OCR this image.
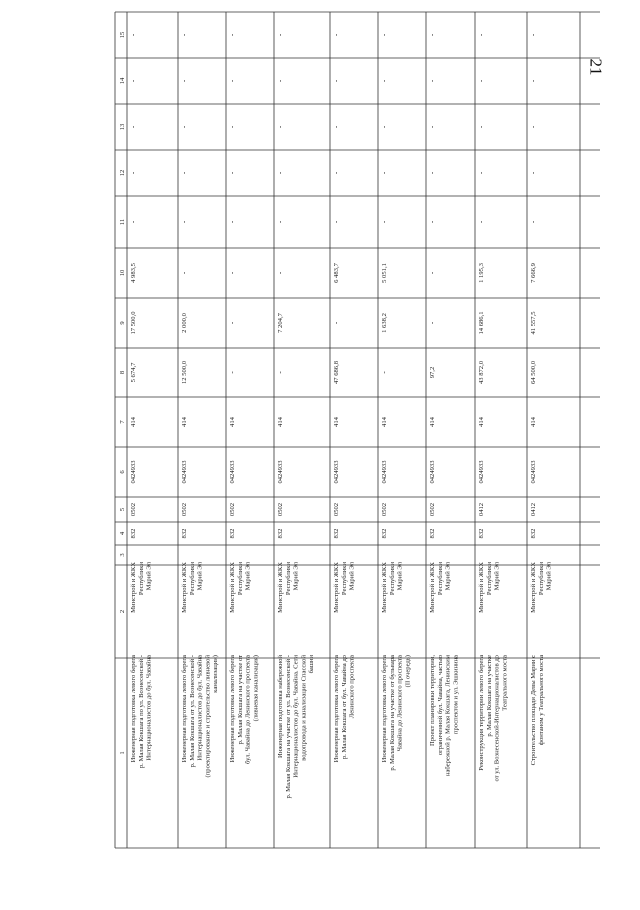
21
1
2
3
4
5
6
7
8
9
10
11
12
13
14
15
Инженерная подготовка левого берега р. Малая Кокшага по ул. Вознесенской - Интернационалистов до бул. Чавайна
Минстрой и ЖКХ Республики Марий Эл
832
0502
0424933
414
5 674,7
17 500,0
4 983,5
-
-
-
-
-
Инженерная подготовка левого берега р. Малая Кокшага от ул. Вознесенской - Интернационалистов до бул. Чавайна (проектирование и строительство ливневой канализации)
Минстрой и ЖКХ Республики Марий Эл
832
0502
0424933
414
12 500,0
2 000,0
-
-
-
-
-
-
Инженерная подготовка левого берега р. Малая Кокшага на участке от бул. Чавайна до Ленинского проспекта (ливневая канализация)
Минстрой и ЖКХ Республики Марий Эл
832
0502
0424933
414
-
-
-
-
-
-
-
-
Инженерная подготовка набережной р. Малая Кокшага на участке от ул. Вознесенской - Интернационалистов до бул. Чавайна. Сети водопровода и канализации Спасской башни
Минстрой и ЖКХ Республики Марий Эл
832
0502
0424933
414
-
7 204,7
-
-
-
-
-
-
Инженерная подготовка левого берега р. Малая Кокшага от бул. Чавайна до Ленинского проспекта
Минстрой и ЖКХ Республики Марий Эл
832
0502
0424933
414
47 686,8
-
6 483,7
-
-
-
-
-
Инженерная подготовка левого берега р. Малая Кокшага на участке от бульвара Чавайна до Ленинского проспекта (II очередь)
Минстрой и ЖКХ Республики Марий Эл
832
0502
0424933
414
-
1 638,2
5 051,1
-
-
-
-
-
Проект планировки территории, ограниченной бул. Чавайна, частью набережной р. Малая Кокшага, Ленинским проспектом и ул. Эшкинина
Минстрой и ЖКХ Республики Марий Эл
832
0502
0424933
414
97,2
-
-
-
-
-
-
-
Реконструкция территории левого берега р. Малая Кокшага на участке от ул. Вознесенской-Интернационалистов до Театрального моста
Минстрой и ЖКХ Республики Марий Эл
832
0412
0424933
414
43 872,0
14 686,1
1 195,3
-
-
-
-
-
Строительство площади Девы Марии с фонтаном у Театрального моста
Минстрой и ЖКХ Республики Марий Эл
832
0412
0424933
414
64 500,0
41 557,5
7 666,9
-
-
-
-
-
